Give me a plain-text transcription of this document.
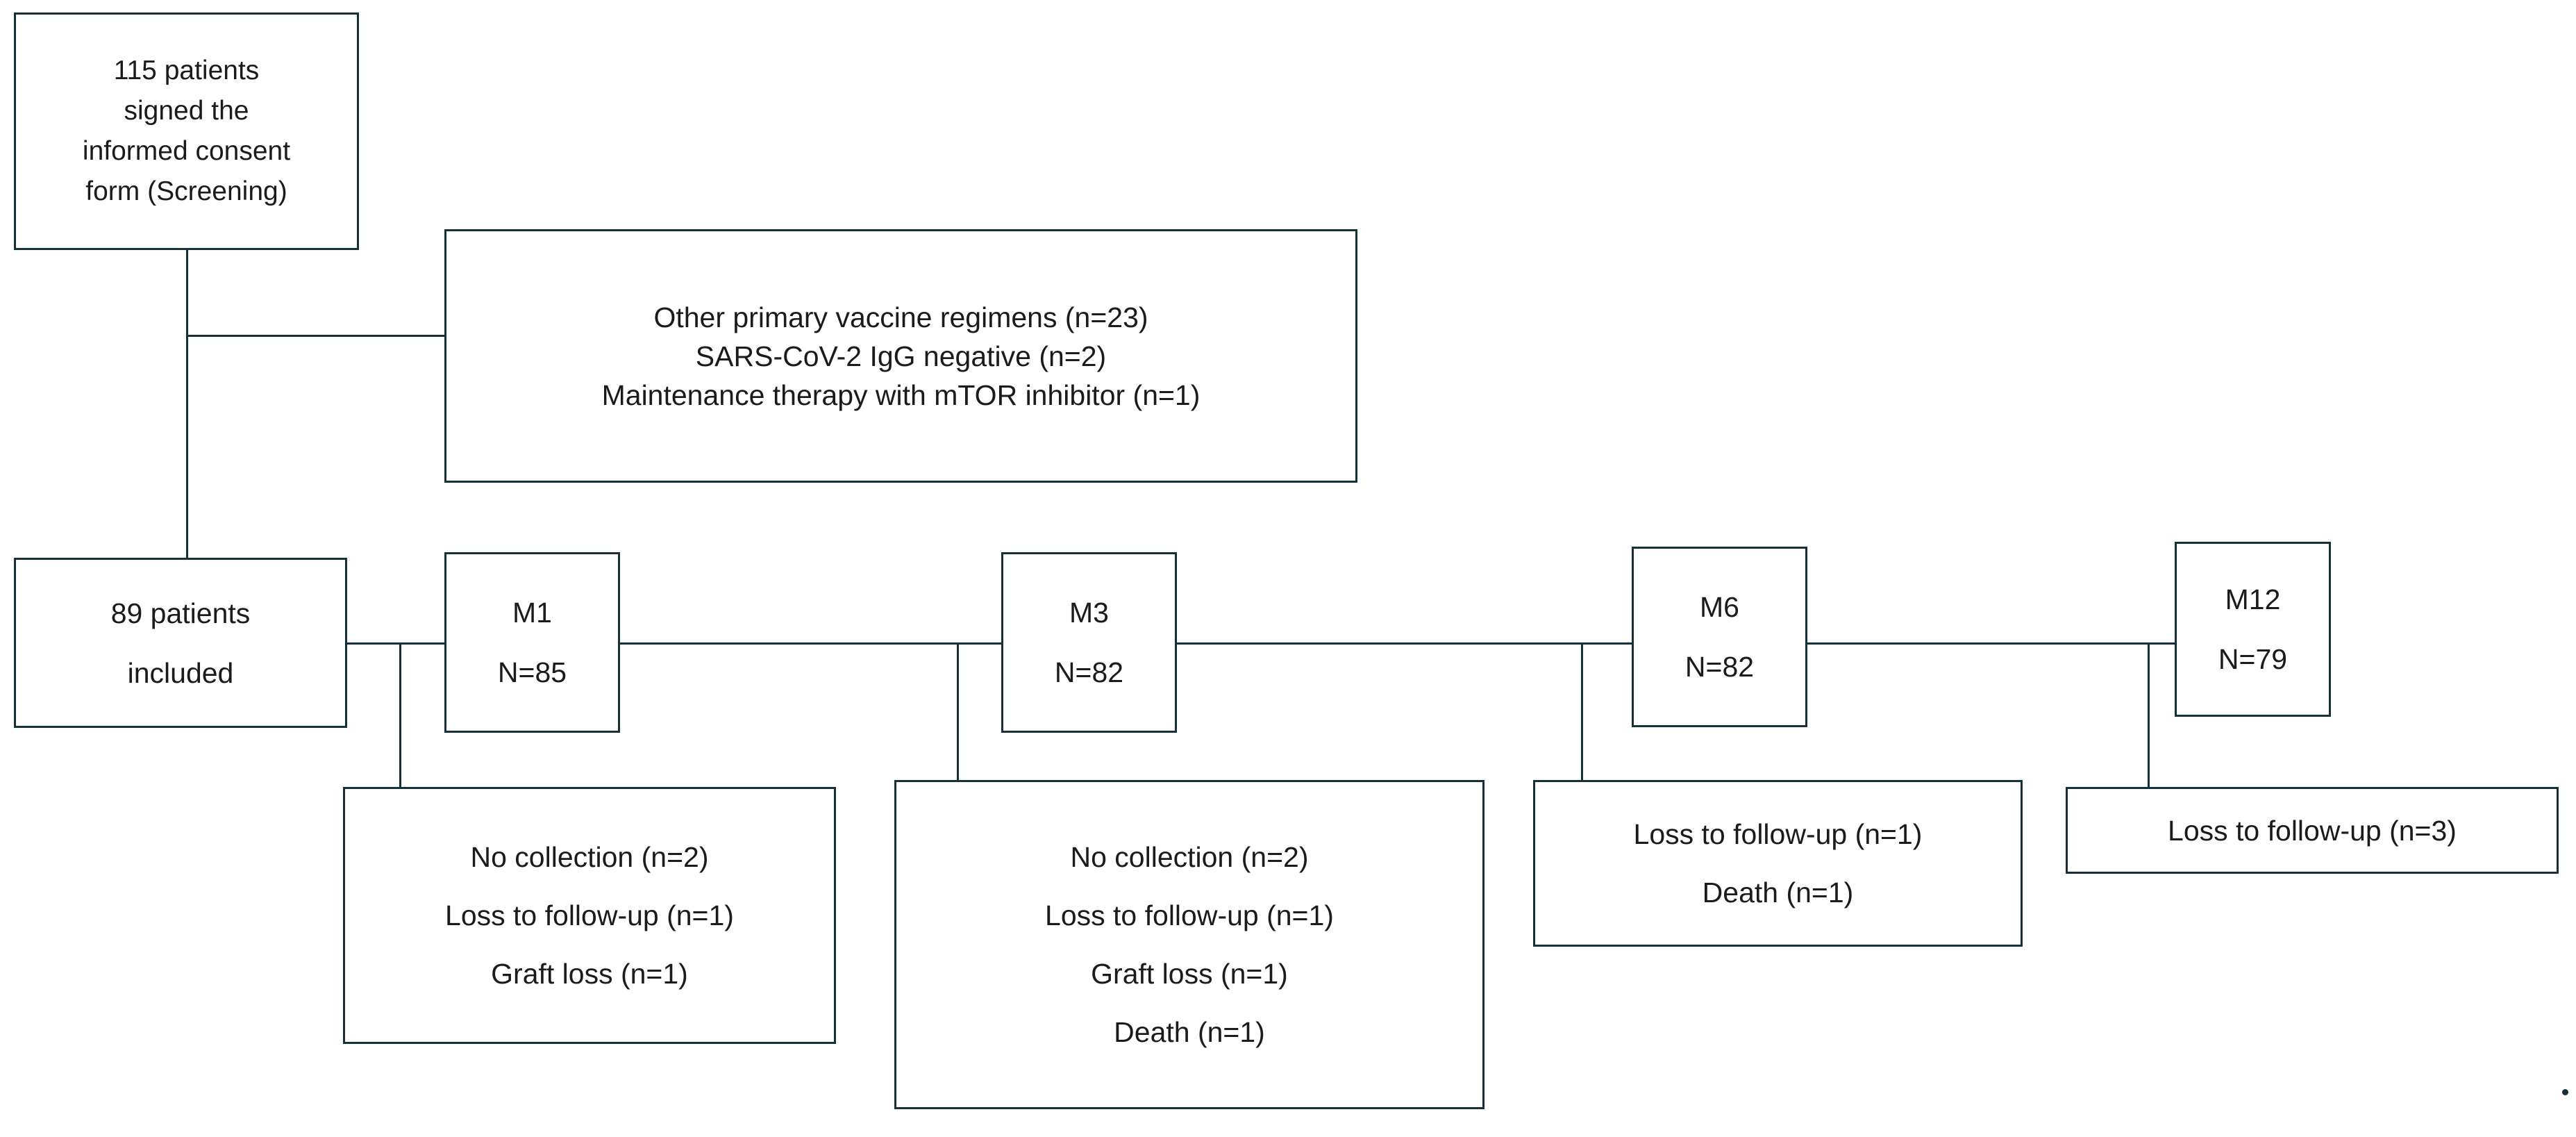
115 patients
signed the
informed consent
form (Screening)
Other primary vaccine regimens (n=23)
SARS-CoV-2 IgG negative (n=2)
Maintenance therapy with mTOR inhibitor (n=1)
89 patients
included
M1
N=85
M3
N=82
M6
N=82
M12
N=79
No collection (n=2)
Loss to follow-up (n=1)
Graft loss (n=1)
No collection (n=2)
Loss to follow-up (n=1)
Graft loss (n=1)
Death (n=1)
Loss to follow-up (n=1)
Death (n=1)
Loss to follow-up (n=3)
